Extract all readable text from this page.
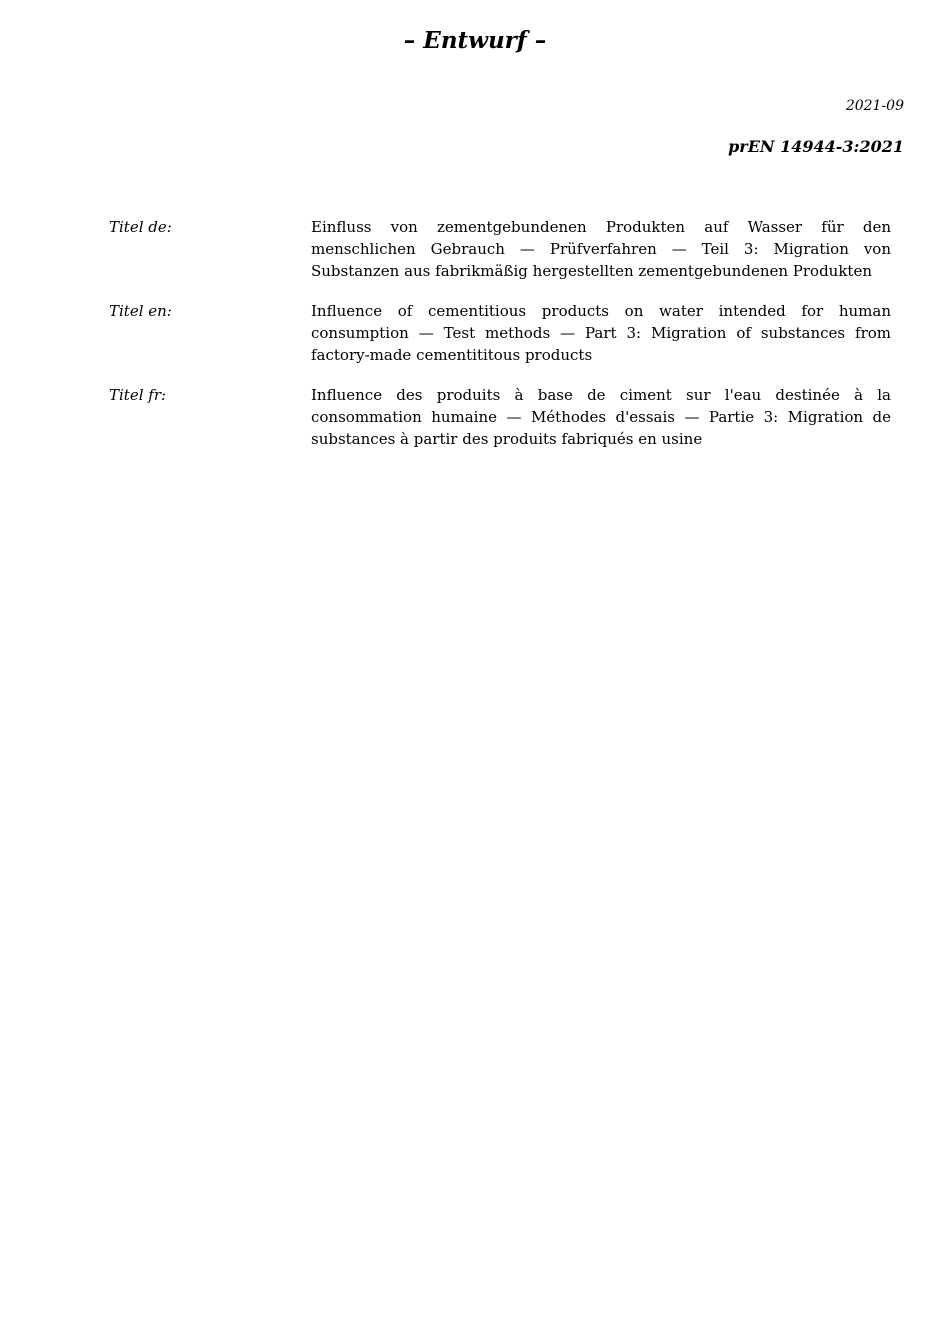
– Entwurf –
2021-09
prEN 14944-3:2021
Titel de:	Einfluss von zementgebundenen Produkten auf Wasser für den menschlichen Gebrauch — Prüfverfahren — Teil 3: Migration von Substanzen aus fabrikmäßig hergestellten zementgebundenen Produkten
Titel en:	Influence of cementitious products on water intended for human consumption — Test methods — Part 3: Migration of substances from factory-made cementititous products
Titel fr:	Influence des produits à base de ciment sur l'eau destinée à la consommation humaine — Méthodes d'essais — Partie 3: Migration de substances à partir des produits fabriqués en usine
